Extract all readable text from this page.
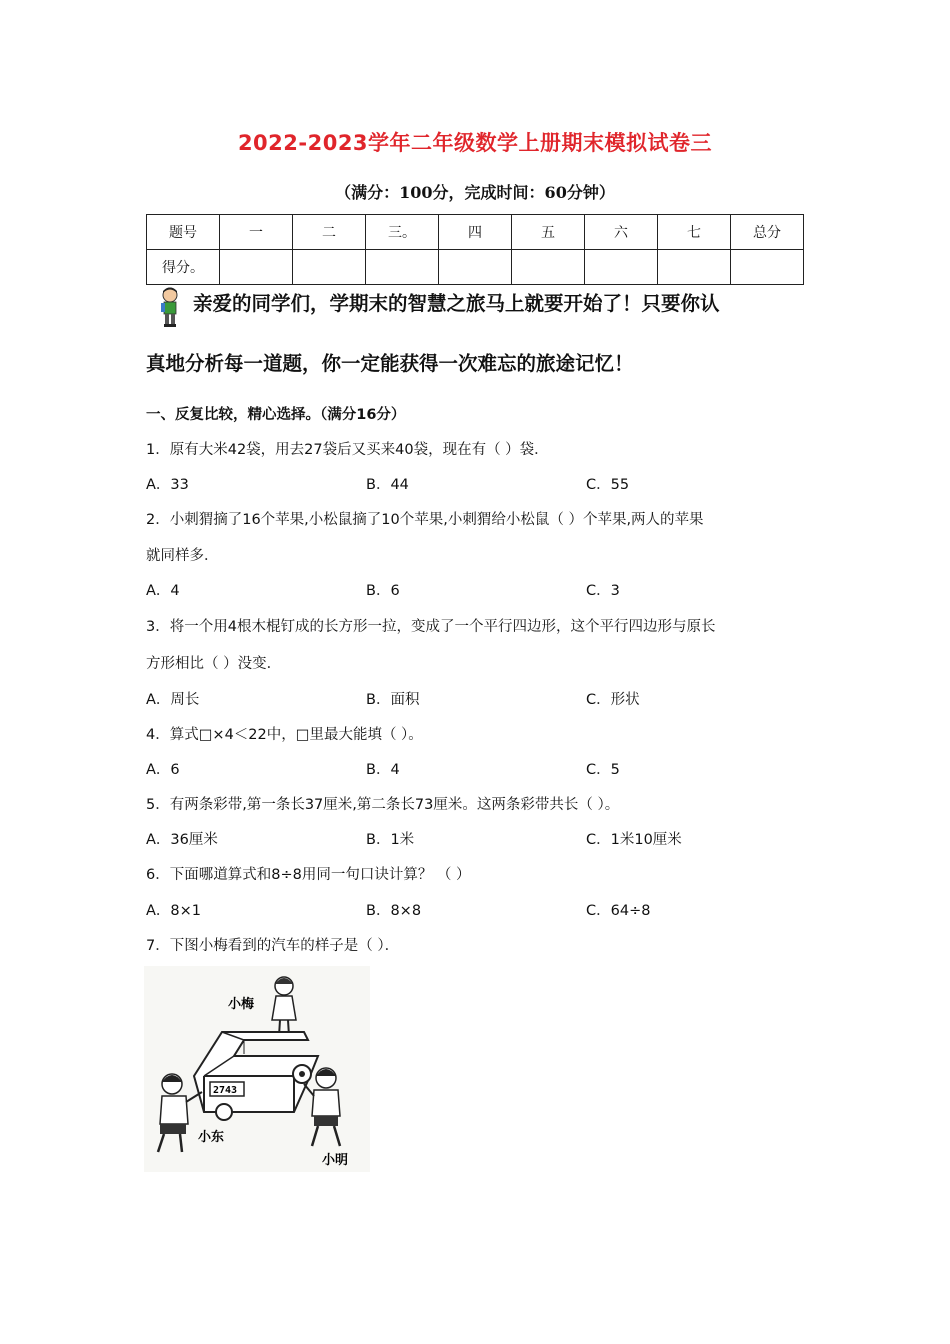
2022-2023学年二年级数学上册期末模拟试卷三
（满分：100分，完成时间：60分钟）
题号	一	二	三。	四	五	六	七	总分
得分。								
亲爱的同学们，学期末的智慧之旅马上就要开始了！只要你认
真地分析每一道题，你一定能获得一次难忘的旅途记忆！
一、反复比较，精心选择。（满分16分）
1．原有大米42袋，用去27袋后又买来40袋，现在有（ ）袋．
A．33	B．44	C．55
2．小刺猬摘了16个苹果,小松鼠摘了10个苹果,小刺猬给小松鼠（ ）个苹果,两人的苹果
就同样多．
A．4	B．6	C．3
3．将一个用4根木棍钉成的长方形一拉，变成了一个平行四边形，这个平行四边形与原长
方形相比（ ）没变．
A．周长	B．面积	C．形状
4．算式□×4＜22中，□里最大能填（ ）。
A．6	B．4	C．5
5．有两条彩带,第一条长37厘米,第二条长73厘米。这两条彩带共长（ ）。
A．36厘米	B．1米	C．1米10厘米
6．下面哪道算式和8÷8用同一句口诀计算？ （ ）
A．8×1	B．8×8	C．64÷8
7．下图小梅看到的汽车的样子是（ ）．
小梅
2743
小东
小明
